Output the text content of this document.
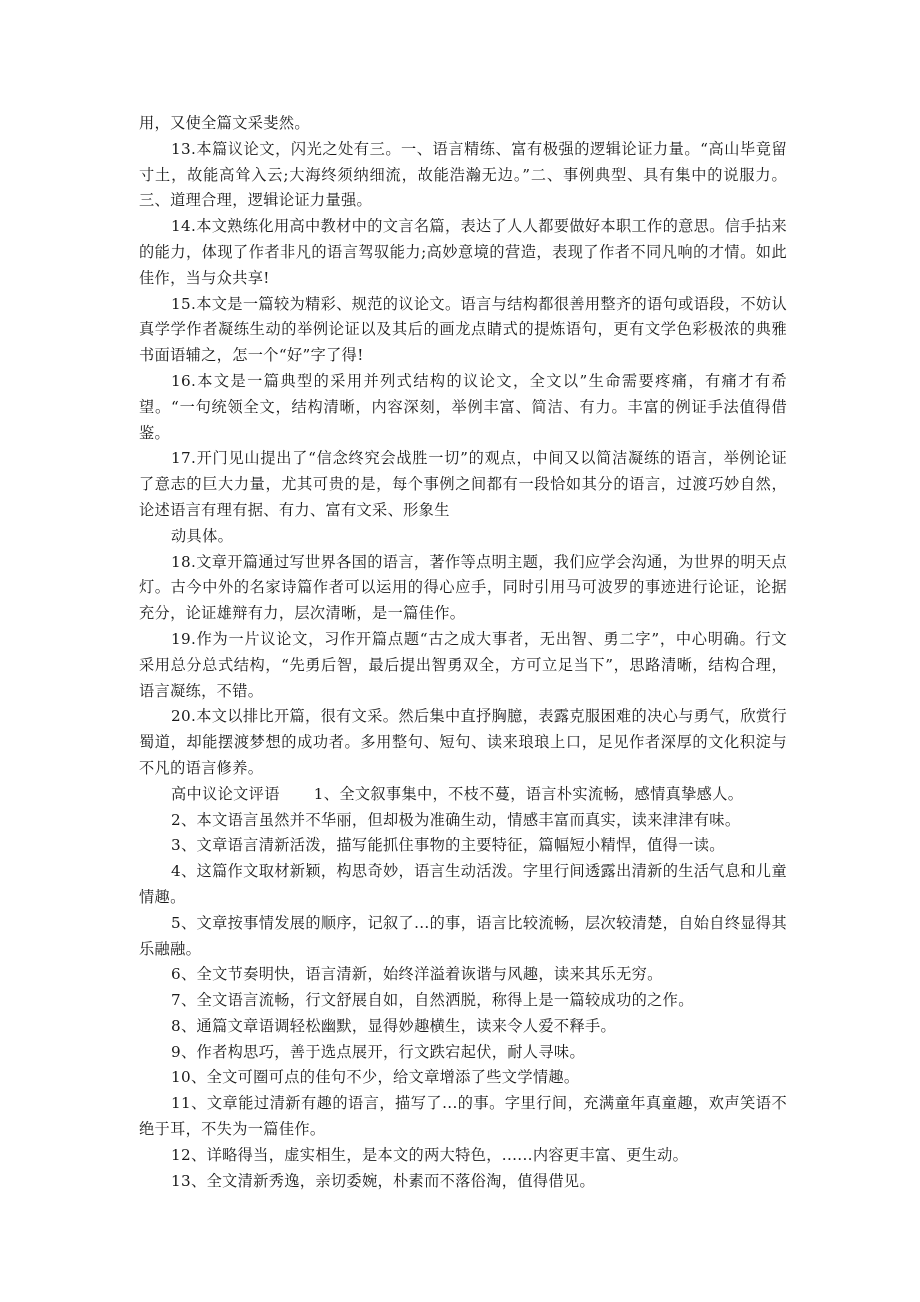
用，又使全篇文采斐然。

13.本篇议论文，闪光之处有三。一、语言精练、富有极强的逻辑论证力量。“高山毕竟留寸土，故能高耸入云;大海终须纳细流，故能浩瀚无边。”二、事例典型、具有集中的说服力。三、道理合理，逻辑论证力量强。

14.本文熟练化用高中教材中的文言名篇，表达了人人都要做好本职工作的意思。信手拈来的能力，体现了作者非凡的语言驾驭能力;高妙意境的营造，表现了作者不同凡响的才情。如此佳作，当与众共享!

15.本文是一篇较为精彩、规范的议论文。语言与结构都很善用整齐的语句或语段，不妨认真学学作者凝练生动的举例论证以及其后的画龙点睛式的提炼语句，更有文学色彩极浓的典雅书面语辅之，怎一个“好”字了得!

16.本文是一篇典型的采用并列式结构的议论文，全文以”生命需要疼痛，有痛才有希望。“一句统领全文，结构清晰，内容深刻，举例丰富、简洁、有力。丰富的例证手法值得借鉴。

17.开门见山提出了“信念终究会战胜一切”的观点，中间又以简洁凝练的语言，举例论证了意志的巨大力量，尤其可贵的是，每个事例之间都有一段恰如其分的语言，过渡巧妙自然，论述语言有理有据、有力、富有文采、形象生

动具体。

18.文章开篇通过写世界各国的语言，著作等点明主题，我们应学会沟通，为世界的明天点灯。古今中外的名家诗篇作者可以运用的得心应手，同时引用马可波罗的事迹进行论证，论据充分，论证雄辩有力，层次清晰，是一篇佳作。

19.作为一片议论文，习作开篇点题“古之成大事者，无出智、勇二字”，中心明确。行文采用总分总式结构，“先勇后智，最后提出智勇双全，方可立足当下”，思路清晰，结构合理，语言凝练，不错。

20.本文以排比开篇，很有文采。然后集中直抒胸臆，表露克服困难的决心与勇气，欣赏行蜀道，却能摆渡梦想的成功者。多用整句、短句、读来琅琅上口，足见作者深厚的文化积淀与不凡的语言修养。

高中议论文评语 1、全文叙事集中，不枝不蔓，语言朴实流畅，感情真挚感人。

2、本文语言虽然并不华丽，但却极为准确生动，情感丰富而真实，读来津津有味。

3、文章语言清新活泼，描写能抓住事物的主要特征，篇幅短小精悍，值得一读。

4、这篇作文取材新颖，构思奇妙，语言生动活泼。字里行间透露出清新的生活气息和儿童情趣。

5、文章按事情发展的顺序，记叙了...的事，语言比较流畅，层次较清楚，自始自终显得其乐融融。

6、全文节奏明快，语言清新，始终洋溢着诙谐与风趣，读来其乐无穷。

7、全文语言流畅，行文舒展自如，自然洒脱，称得上是一篇较成功的之作。

8、通篇文章语调轻松幽默，显得妙趣横生，读来令人爱不释手。

9、作者构思巧，善于选点展开，行文跌宕起伏，耐人寻味。

10、全文可圈可点的佳句不少，给文章增添了些文学情趣。

11、文章能过清新有趣的语言，描写了...的事。字里行间，充满童年真童趣，欢声笑语不绝于耳，不失为一篇佳作。

12、详略得当，虚实相生，是本文的两大特色，......内容更丰富、更生动。

13、全文清新秀逸，亲切委婉，朴素而不落俗淘，值得借见。
